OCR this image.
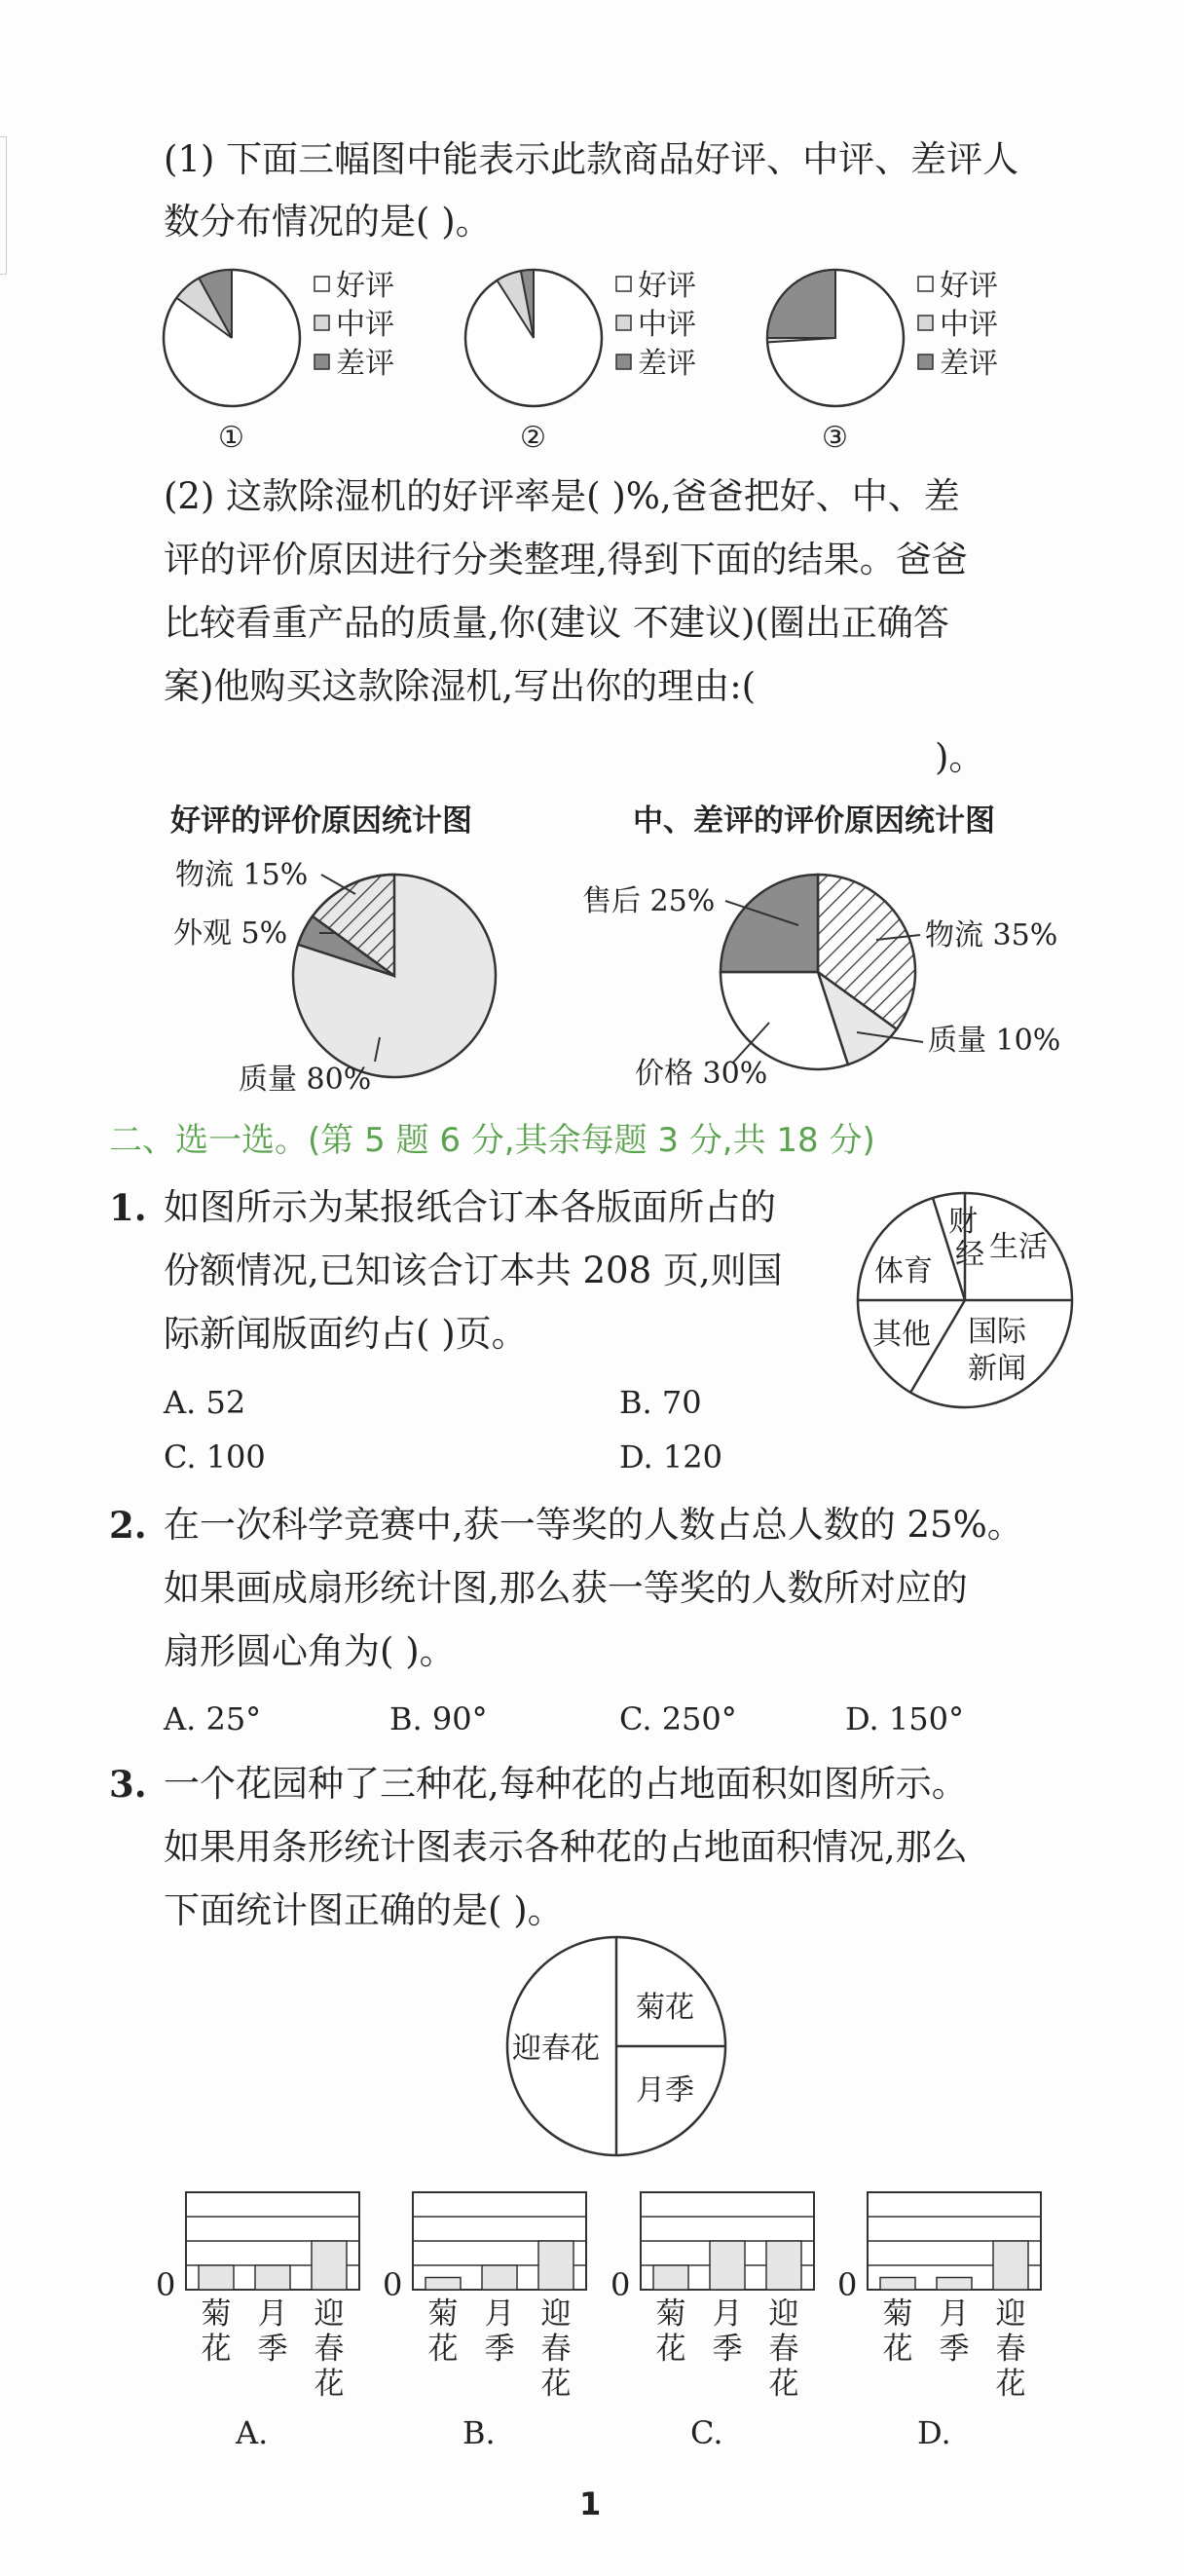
(1) 下面三幅图中能表示此款商品好评、中评、差评人
数分布情况的是( )。
好评
中评
差评
①
好评
中评
差评
②
好评
中评
差评
③
(2) 这款除湿机的好评率是( )%,爸爸把好、中、差
评的评价原因进行分类整理,得到下面的结果。爸爸
比较看重产品的质量,你(建议 不建议)(圈出正确答
案)他购买这款除湿机,写出你的理由:(
)。
好评的评价原因统计图	中、差评的评价原因统计图
物流 15%
外观 5%
质量 80%
售后 25%
物流 35%
质量 10%
价格 30%
二、选一选。(第 5 题 6 分,其余每题 3 分,共 18 分)
1. 如图所示为某报纸合订本各版面所占的
份额情况,已知该合订本共 208 页,则国
际新闻版面约占( )页。
A. 52	B. 70
C. 100	D. 120
财
经 生活
体育
其他 国际
新闻
2. 在一次科学竞赛中,获一等奖的人数占总人数的 25%。
如果画成扇形统计图,那么获一等奖的人数所对应的
扇形圆心角为( )。
A. 25°	B. 90°	C. 250°	D. 150°
3. 一个花园种了三种花,每种花的占地面积如图所示。
如果用条形统计图表示各种花的占地面积情况,那么
下面统计图正确的是( )。
迎春花
菊花
月季
0
菊花
月季
迎春花
A.
0
菊花
月季
迎春花
B.
0
菊花
月季
迎春花
C.
0
菊花
月季
迎春花
D.
1
